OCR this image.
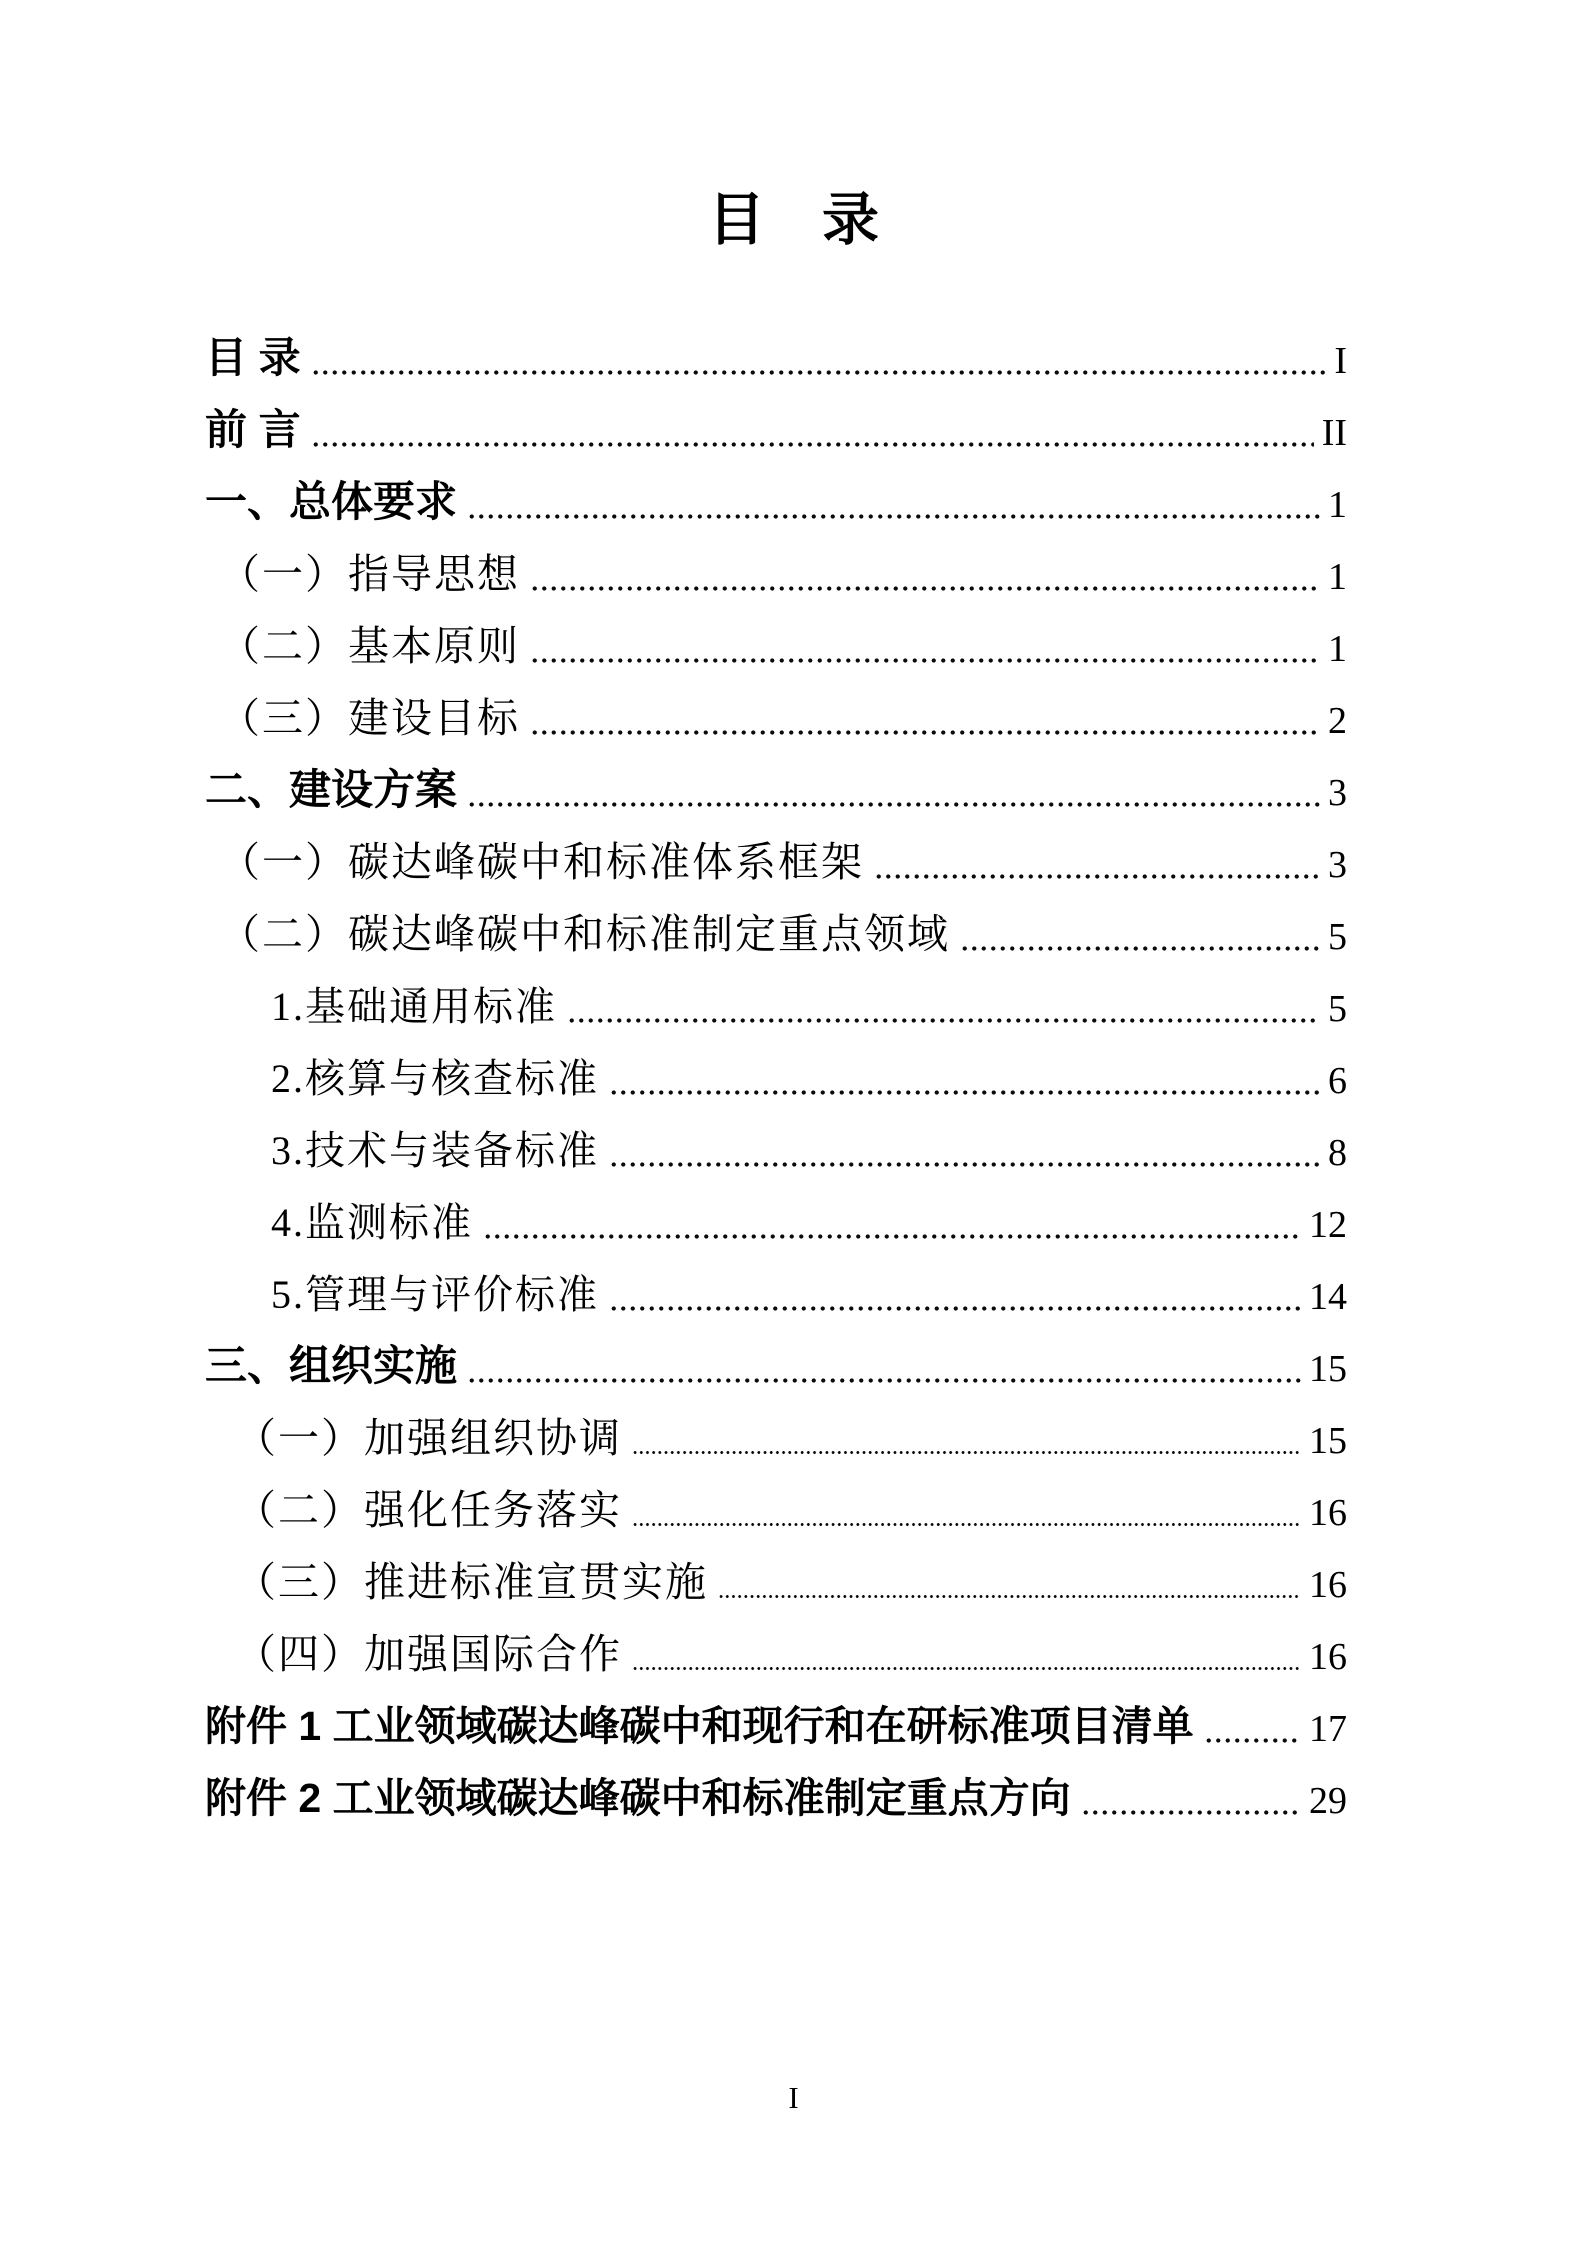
目　录
目 录	I
前 言	II
一、总体要求	1
（一）指导思想	1
（二）基本原则	1
（三）建设目标	2
二、建设方案	3
（一）碳达峰碳中和标准体系框架	3
（二）碳达峰碳中和标准制定重点领域	5
1.基础通用标准	5
2.核算与核查标准	6
3.技术与装备标准	8
4.监测标准	12
5.管理与评价标准	14
三、组织实施	15
（一）加强组织协调	15
（二）强化任务落实	16
（三）推进标准宣贯实施	16
（四）加强国际合作	16
附件 1 工业领域碳达峰碳中和现行和在研标准项目清单	17
附件 2 工业领域碳达峰碳中和标准制定重点方向	29
I
